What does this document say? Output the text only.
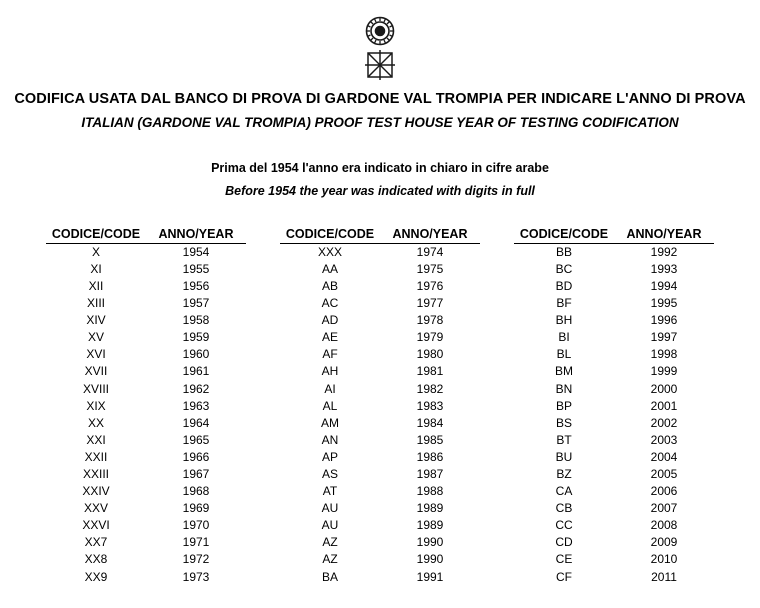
CODIFICA USATA DAL BANCO DI PROVA DI GARDONE VAL TROMPIA PER INDICARE L'ANNO DI PROVA
ITALIAN (GARDONE VAL TROMPIA) PROOF TEST HOUSE YEAR OF TESTING CODIFICATION
Prima del 1954 l'anno era indicato in chiaro in cifre arabe
Before 1954 the year was indicated with digits in full
CODICE/CODE	ANNO/YEAR
X	1954
XI	1955
XII	1956
XIII	1957
XIV	1958
XV	1959
XVI	1960
XVII	1961
XVIII	1962
XIX	1963
XX	1964
XXI	1965
XXII	1966
XXIII	1967
XXIV	1968
XXV	1969
XXVI	1970
XX7	1971
XX8	1972
XX9	1973
CODICE/CODE	ANNO/YEAR
XXX	1974
AA	1975
AB	1976
AC	1977
AD	1978
AE	1979
AF	1980
AH	1981
AI	1982
AL	1983
AM	1984
AN	1985
AP	1986
AS	1987
AT	1988
AU	1989
AU	1989
AZ	1990
AZ	1990
BA	1991
CODICE/CODE	ANNO/YEAR
BB	1992
BC	1993
BD	1994
BF	1995
BH	1996
BI	1997
BL	1998
BM	1999
BN	2000
BP	2001
BS	2002
BT	2003
BU	2004
BZ	2005
CA	2006
CB	2007
CC	2008
CD	2009
CE	2010
CF	2011
